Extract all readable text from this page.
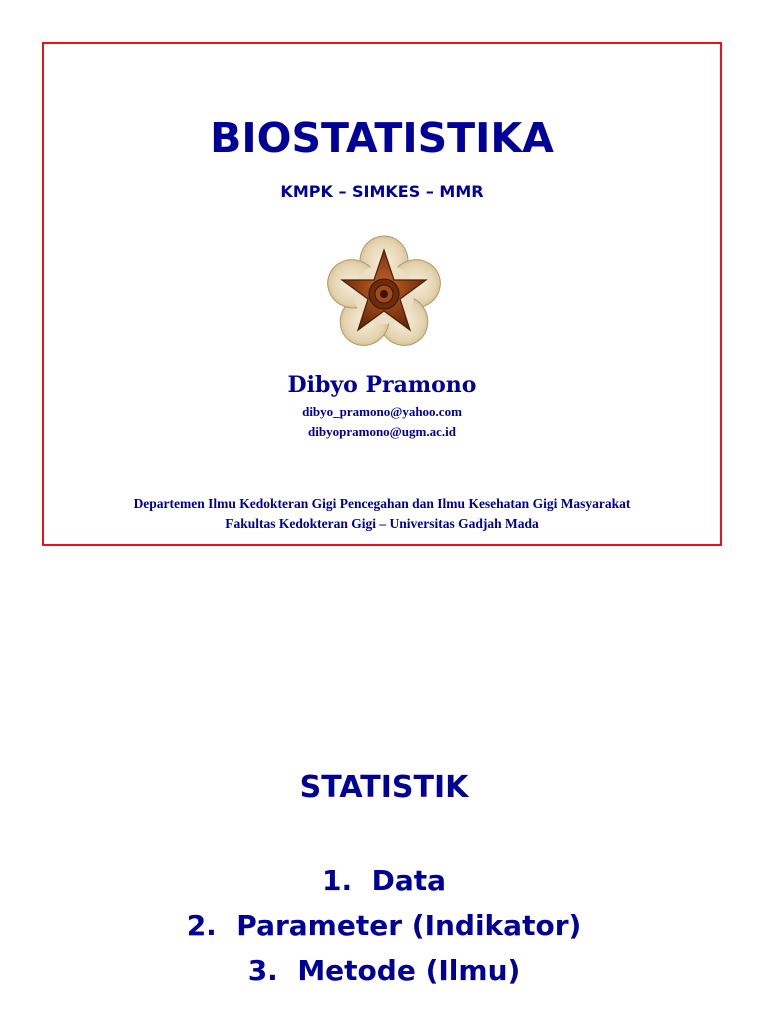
BIOSTATISTIKA
KMPK – SIMKES – MMR
Dibyo Pramono
dibyo_pramono@yahoo.com
dibyopramono@ugm.ac.id
Departemen Ilmu Kedokteran Gigi Pencegahan dan Ilmu Kesehatan Gigi Masyarakat
Fakultas Kedokteran Gigi – Universitas Gadjah Mada
STATISTIK
1.  Data
2.  Parameter (Indikator)
3.  Metode (Ilmu)
